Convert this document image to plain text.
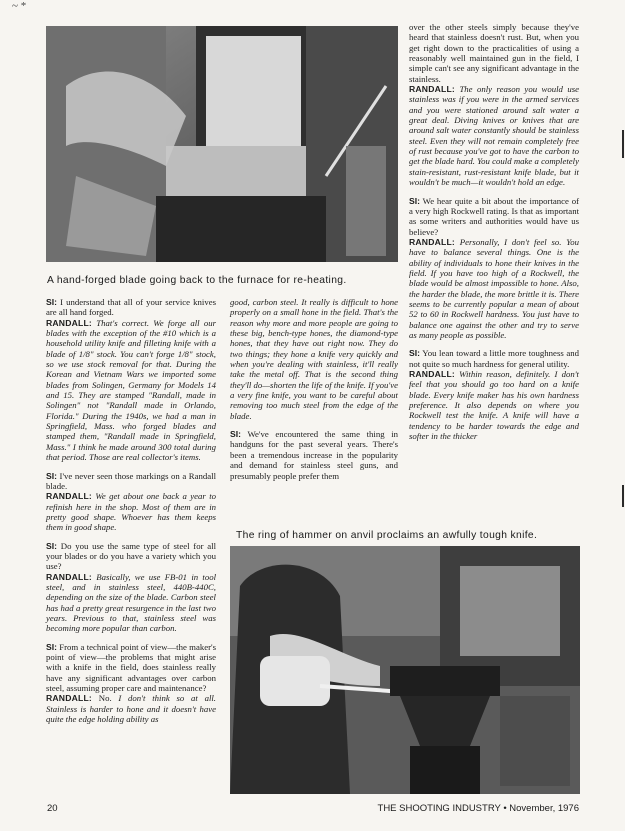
~ *
A hand-forged blade going back to the furnace for re-heating.

SI: I understand that all of your service knives are all hand forged.
RANDALL: That's correct. We forge all our blades with the exception of the #10 which is a household utility knife and filleting knife with a blade of 1/8" stock. You can't forge 1/8" stock, so we use stock removal for that. During the Korean and Vietnam Wars we imported some blades from Solingen, Germany for Models 14 and 15. They are stamped "Randall, made in Solingen" not "Randall made in Orlando, Florida." During the 1940s, we had a man in Springfield, Mass. who forged blades and stamped them, "Randall made in Springfield, Mass." I think he made around 300 total during that period. Those are real collector's items.

SI: I've never seen those markings on a Randall blade.
RANDALL: We get about one back a year to refinish here in the shop. Most of them are in pretty good shape. Whoever has them keeps them in good shape.

SI: Do you use the same type of steel for all your blades or do you have a variety which you use?
RANDALL: Basically, we use FB-01 in tool steel, and in stainless steel, 440B-440C, depending on the size of the blade. Carbon steel has had a pretty great resurgence in the last two years. Previous to that, stainless steel was becoming more popular than carbon.

SI: From a technical point of view—the maker's point of view—the problems that might arise with a knife in the field, does stainless really have any significant advantages over carbon steel, assuming proper care and maintenance?
RANDALL: No. I don't think so at all. Stainless is harder to hone and it doesn't have quite the edge holding ability as

good, carbon steel. It really is difficult to hone properly on a small hone in the field. That's the reason why more and more people are going to these big, bench-type hones, the diamond-type hones, that they have out right now. They do two things; they hone a knife very quickly and when you're dealing with stainless, it'll really take the metal off. That is the second thing they'll do—shorten the life of the knife. If you've a very fine knife, you want to be careful about removing too much steel from the edge of the blade.

SI: We've encountered the same thing in handguns for the past several years. There's been a tremendous increase in the popularity and demand for stainless steel guns, and presumably people prefer them

over the other steels simply because they've heard that stainless doesn't rust. But, when you get right down to the practicalities of using a reasonably well maintained gun in the field, I simple can't see any significant advantage in the stainless.
RANDALL: The only reason you would use stainless was if you were in the armed services and you were stationed around salt water a great deal. Diving knives or knives that are around salt water constantly should be stainless steel. Even they will not remain completely free of rust because you've got to have the carbon to get the blade hard. You could make a completely stain-resistant, rust-resistant knife blade, but it wouldn't be much—it wouldn't hold an edge.

SI: We hear quite a bit about the importance of a very high Rockwell rating. Is that as important as some writers and authorities would have us believe?
RANDALL: Personally, I don't feel so. You have to balance several things. One is the ability of individuals to hone their knives in the field. If you have too high of a Rockwell, the blade would be almost impossible to hone. Also, the harder the blade, the more brittle it is. There seems to be currently popular a mean of about 52 to 60 in Rockwell hardness. You just have to balance one against the other and try to serve as many people as possible.

SI: You lean toward a little more toughness and not quite so much hardness for general utility.
RANDALL: Within reason, definitely. I don't feel that you should go too hard on a knife blade. Every knife maker has his own hardness preference. It also depends on where you Rockwell test the knife. A knife will have a tendency to be harder towards the edge and softer in the thicker

The ring of hammer on anvil proclaims an awfully tough knife.
20	THE SHOOTING INDUSTRY • November, 1976
